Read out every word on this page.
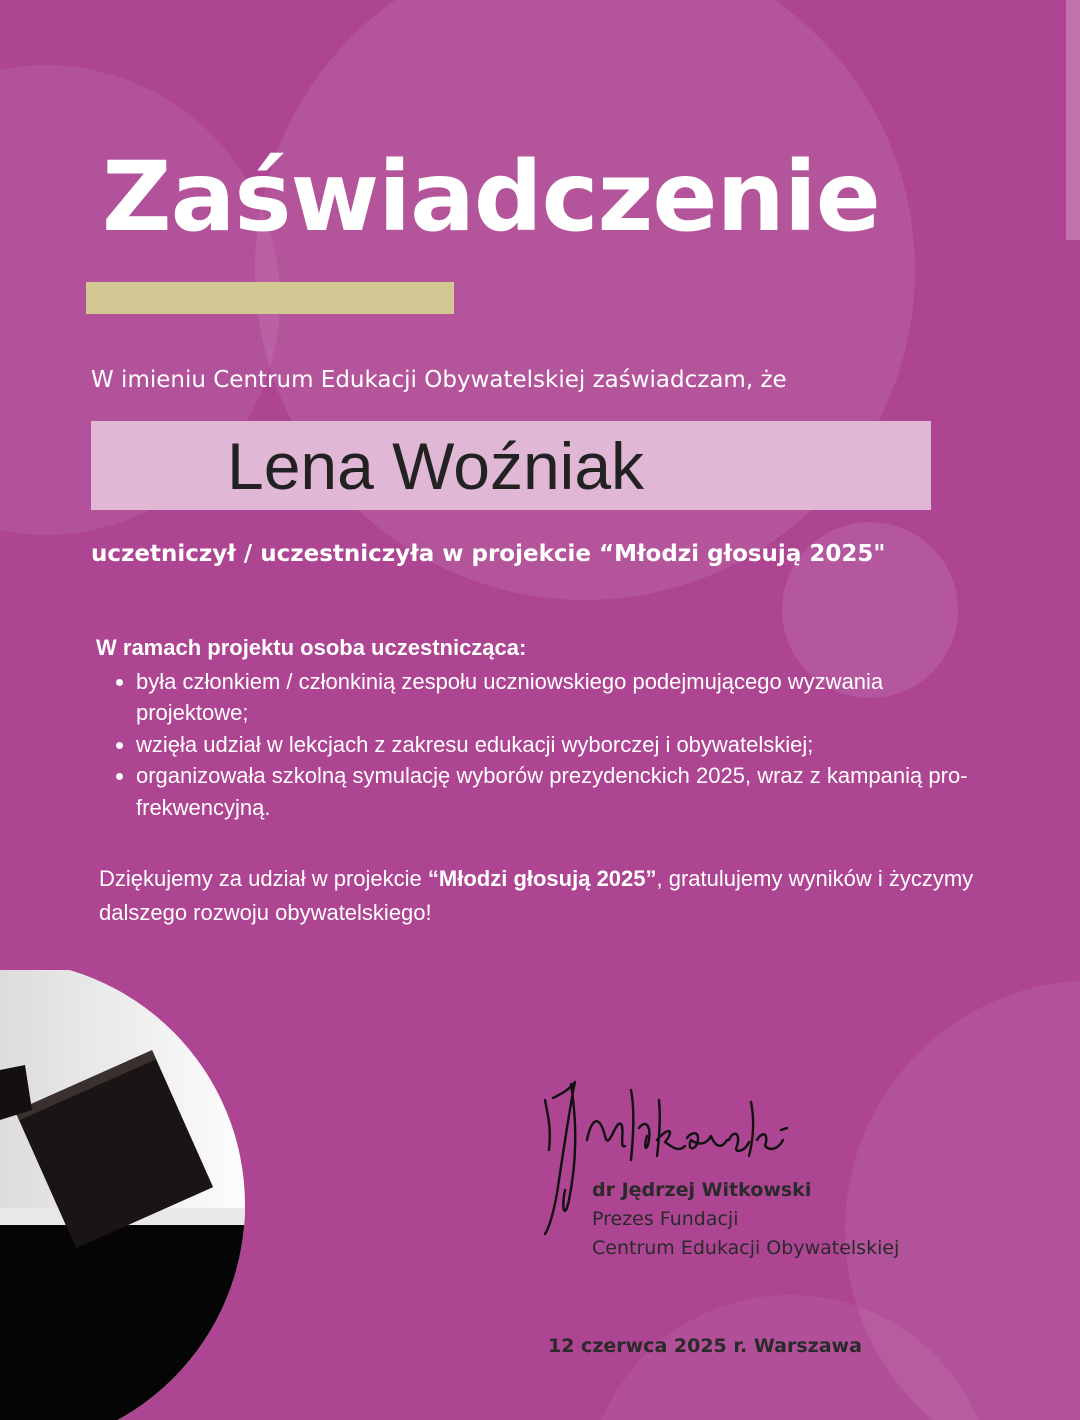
Zaświadczenie
W imieniu Centrum Edukacji Obywatelskiej zaświadczam, że
Lena Woźniak
uczetniczył / uczestniczyła w projekcie “Młodzi głosują 2025"
W ramach projektu osoba uczestnicząca:
• była członkiem / członkinią zespołu uczniowskiego podejmującego wyzwania projektowe;
• wzięła udział w lekcjach z zakresu edukacji wyborczej i obywatelskiej;
• organizowała szkolną symulację wyborów prezydenckich 2025, wraz z kampanią pro-frekwencyjną.
Dziękujemy za udział w projekcie “Młodzi głosują 2025”, gratulujemy wyników i życzymy dalszego rozwoju obywatelskiego!
dr Jędrzej Witkowski
Prezes Fundacji
Centrum Edukacji Obywatelskiej
12 czerwca 2025 r. Warszawa
